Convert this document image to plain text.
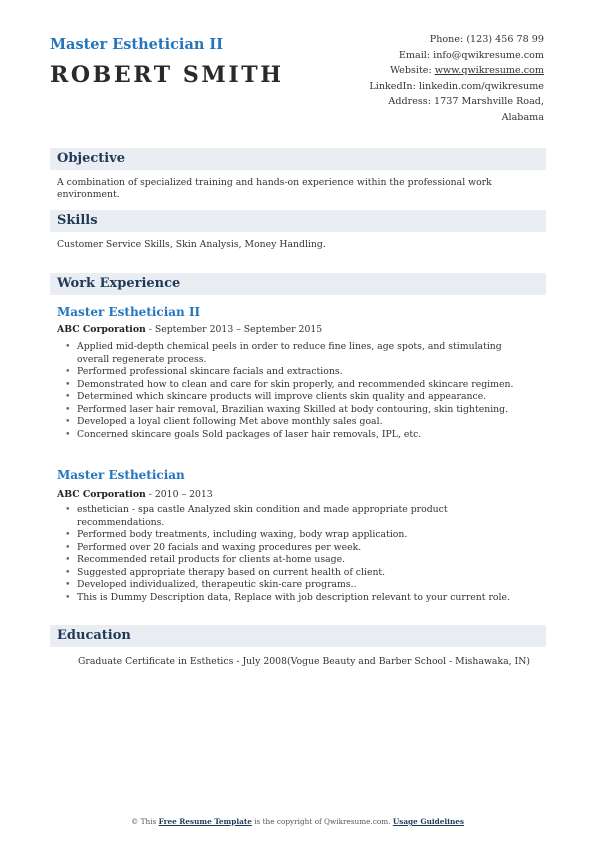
Master Esthetician II
ROBERT SMITH
Phone: (123) 456 78 99
Email: info@qwikresume.com
Website: www.qwikresume.com
LinkedIn: linkedin.com/qwikresume
Address: 1737 Marshville Road,
Alabama
Objective
A combination of specialized training and hands-on experience within the professional work environment.
Skills
Customer Service Skills, Skin Analysis, Money Handling.
Work Experience
Master Esthetician II
ABC Corporation - September 2013 – September 2015
• Applied mid-depth chemical peels in order to reduce fine lines, age spots, and stimulating overall regenerate process.
• Performed professional skincare facials and extractions.
• Demonstrated how to clean and care for skin properly, and recommended skincare regimen.
• Determined which skincare products will improve clients skin quality and appearance.
• Performed laser hair removal, Brazilian waxing Skilled at body contouring, skin tightening.
• Developed a loyal client following Met above monthly sales goal.
• Concerned skincare goals Sold packages of laser hair removals, IPL, etc.
Master Esthetician
ABC Corporation - 2010 – 2013
• esthetician - spa castle Analyzed skin condition and made appropriate product recommendations.
• Performed body treatments, including waxing, body wrap application.
• Performed over 20 facials and waxing procedures per week.
• Recommended retail products for clients at-home usage.
• Suggested appropriate therapy based on current health of client.
• Developed individualized, therapeutic skin-care programs..
• This is Dummy Description data, Replace with job description relevant to your current role.
Education
Graduate Certificate in Esthetics - July 2008(Vogue Beauty and Barber School - Mishawaka, IN)
© This Free Resume Template is the copyright of Qwikresume.com. Usage Guidelines
